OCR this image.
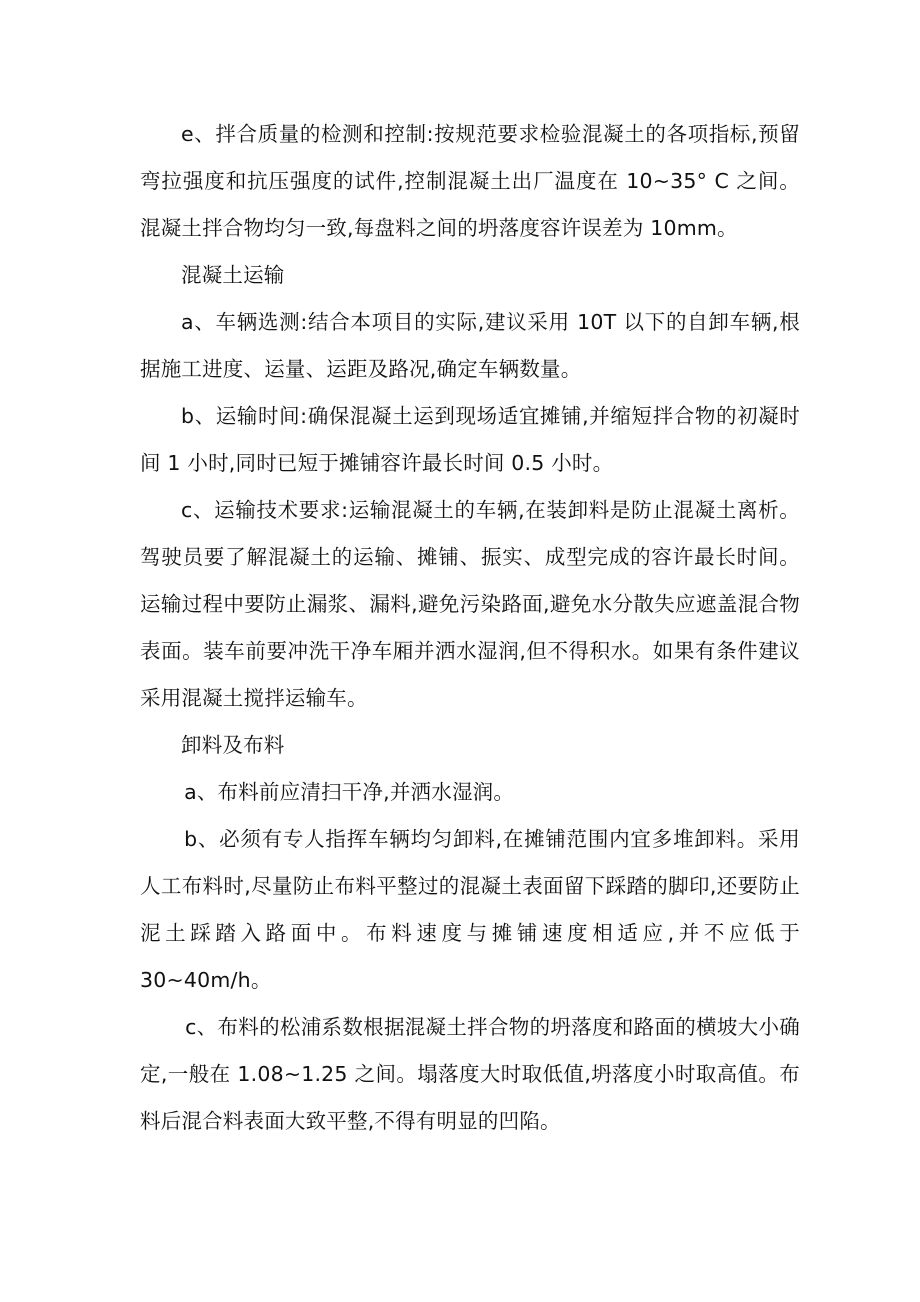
e、拌合质量的检测和控制:按规范要求检验混凝土的各项指标,预留弯拉强度和抗压强度的试件,控制混凝土出厂温度在 10~35° C 之间。混凝土拌合物均匀一致,每盘料之间的坍落度容许误差为 10mm。

混凝土运输

a、车辆选测:结合本项目的实际,建议采用 10T 以下的自卸车辆,根据施工进度、运量、运距及路况,确定车辆数量。

b、运输时间:确保混凝土运到现场适宜摊铺,并缩短拌合物的初凝时间 1 小时,同时已短于摊铺容许最长时间 0.5 小时。

c、运输技术要求:运输混凝土的车辆,在装卸料是防止混凝土离析。驾驶员要了解混凝土的运输、摊铺、振实、成型完成的容许最长时间。运输过程中要防止漏浆、漏料,避免污染路面,避免水分散失应遮盖混合物表面。装车前要冲洗干净车厢并洒水湿润,但不得积水。如果有条件建议采用混凝土搅拌运输车。

卸料及布料

a、布料前应清扫干净,并洒水湿润。

b、必须有专人指挥车辆均匀卸料,在摊铺范围内宜多堆卸料。采用人工布料时,尽量防止布料平整过的混凝土表面留下踩踏的脚印,还要防止泥土踩踏入路面中。布料速度与摊铺速度相适应,并不应低于 30~40m/h。

c、布料的松浦系数根据混凝土拌合物的坍落度和路面的横坡大小确定,一般在 1.08~1.25 之间。塌落度大时取低值,坍落度小时取高值。布料后混合料表面大致平整,不得有明显的凹陷。
